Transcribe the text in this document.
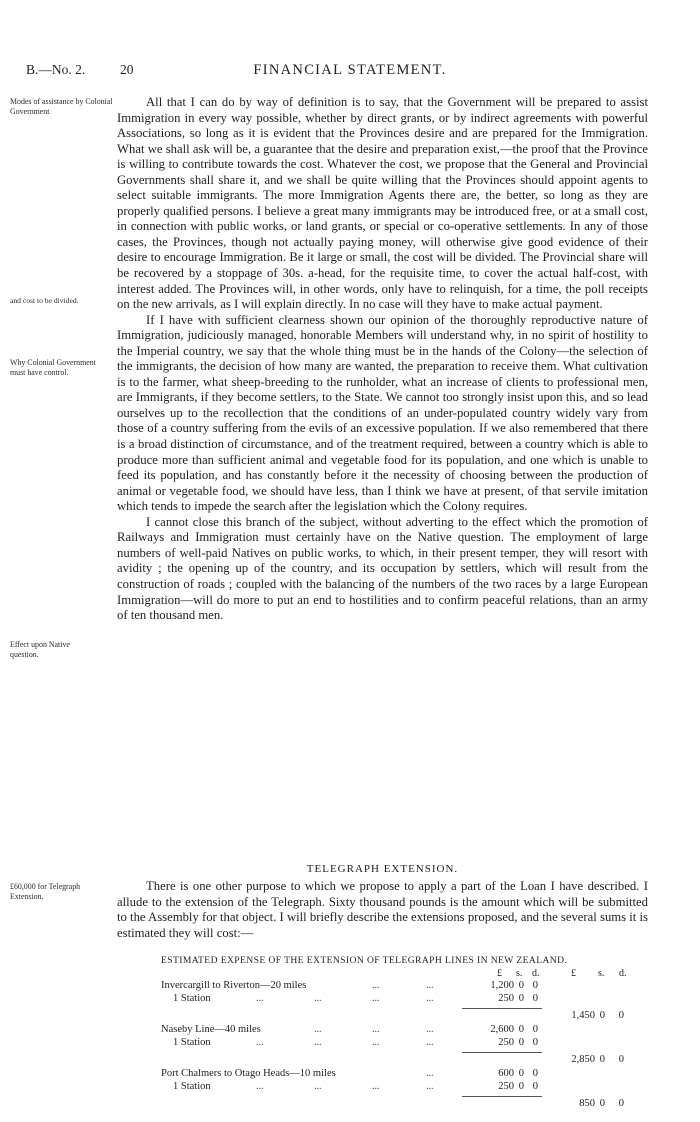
B.—No. 2.	20	FINANCIAL STATEMENT.
Modes of assistance by Colonial Government
and cost to be divided.
Why Colonial Government must have control.
Effect upon Native question.
£60,000 for Telegraph Extension.

All that I can do by way of definition is to say, that the Government will be prepared to assist Immigration in every way possible, whether by direct grants, or by indirect agreements with powerful Associations, so long as it is evident that the Provinces desire and are prepared for the Immigration. What we shall ask will be, a guarantee that the desire and preparation exist,—the proof that the Province is willing to contribute towards the cost. Whatever the cost, we propose that the General and Provincial Governments shall share it, and we shall be quite willing that the Provinces should appoint agents to select suitable immigrants. The more Immigration Agents there are, the better, so long as they are properly qualified persons. I believe a great many immigrants may be introduced free, or at a small cost, in connection with public works, or land grants, or special or co-operative settlements. In any of those cases, the Provinces, though not actually paying money, will otherwise give good evidence of their desire to encourage Immigration. Be it large or small, the cost will be divided. The Provincial share will be recovered by a stoppage of 30s. a-head, for the requisite time, to cover the actual half-cost, with interest added. The Provinces will, in other words, only have to relinquish, for a time, the poll receipts on the new arrivals, as I will explain directly. In no case will they have to make actual payment.

If I have with sufficient clearness shown our opinion of the thoroughly reproductive nature of Immigration, judiciously managed, honorable Members will understand why, in no spirit of hostility to the Imperial country, we say that the whole thing must be in the hands of the Colony—the selection of the immigrants, the decision of how many are wanted, the preparation to receive them. What cultivation is to the farmer, what sheep-breeding to the runholder, what an increase of clients to professional men, are Immigrants, if they become settlers, to the State. We cannot too strongly insist upon this, and so lead ourselves up to the recollection that the conditions of an under-populated country widely vary from those of a country suffering from the evils of an excessive population. If we also remembered that there is a broad distinction of circumstance, and of the treatment required, between a country which is able to produce more than sufficient animal and vegetable food for its population, and one which is unable to feed its population, and has constantly before it the necessity of choosing between the production of animal or vegetable food, we should have less, than I think we have at present, of that servile imitation which tends to impede the search after the legislation which the Colony requires.

I cannot close this branch of the subject, without adverting to the effect which the promotion of Railways and Immigration must certainly have on the Native question. The employment of large numbers of well-paid Natives on public works, to which, in their present temper, they will resort with avidity ; the opening up of the country, and its occupation by settlers, which will result from the construction of roads ; coupled with the balancing of the numbers of the two races by a large European Immigration—will do more to put an end to hostilities and to confirm peaceful relations, than an army of ten thousand men.

TELEGRAPH EXTENSION.

There is one other purpose to which we propose to apply a part of the Loan I have described. I allude to the extension of the Telegraph. Sixty thousand pounds is the amount which will be submitted to the Assembly for that object. I will briefly describe the extensions proposed, and the several sums it is estimated they will cost:—

ESTIMATED EXPENSE OF THE EXTENSION OF TELEGRAPH LINES IN NEW ZEALAND.
£ s. d.	£ s. d.
Invercargill to Riverton—20 miles	...	...	1,200 0 0
1 Station	...	...	...	...	250 0 0
1,450 0	0
Naseby Line—40 miles	...	...	...	2,600 0 0
1 Station	...	...	...	...	250 0 0
2,850 0	0
Port Chalmers to Otago Heads—10 miles	...	600 0 0
1 Station	...	...	...	...	250 0 0
850 0	0
